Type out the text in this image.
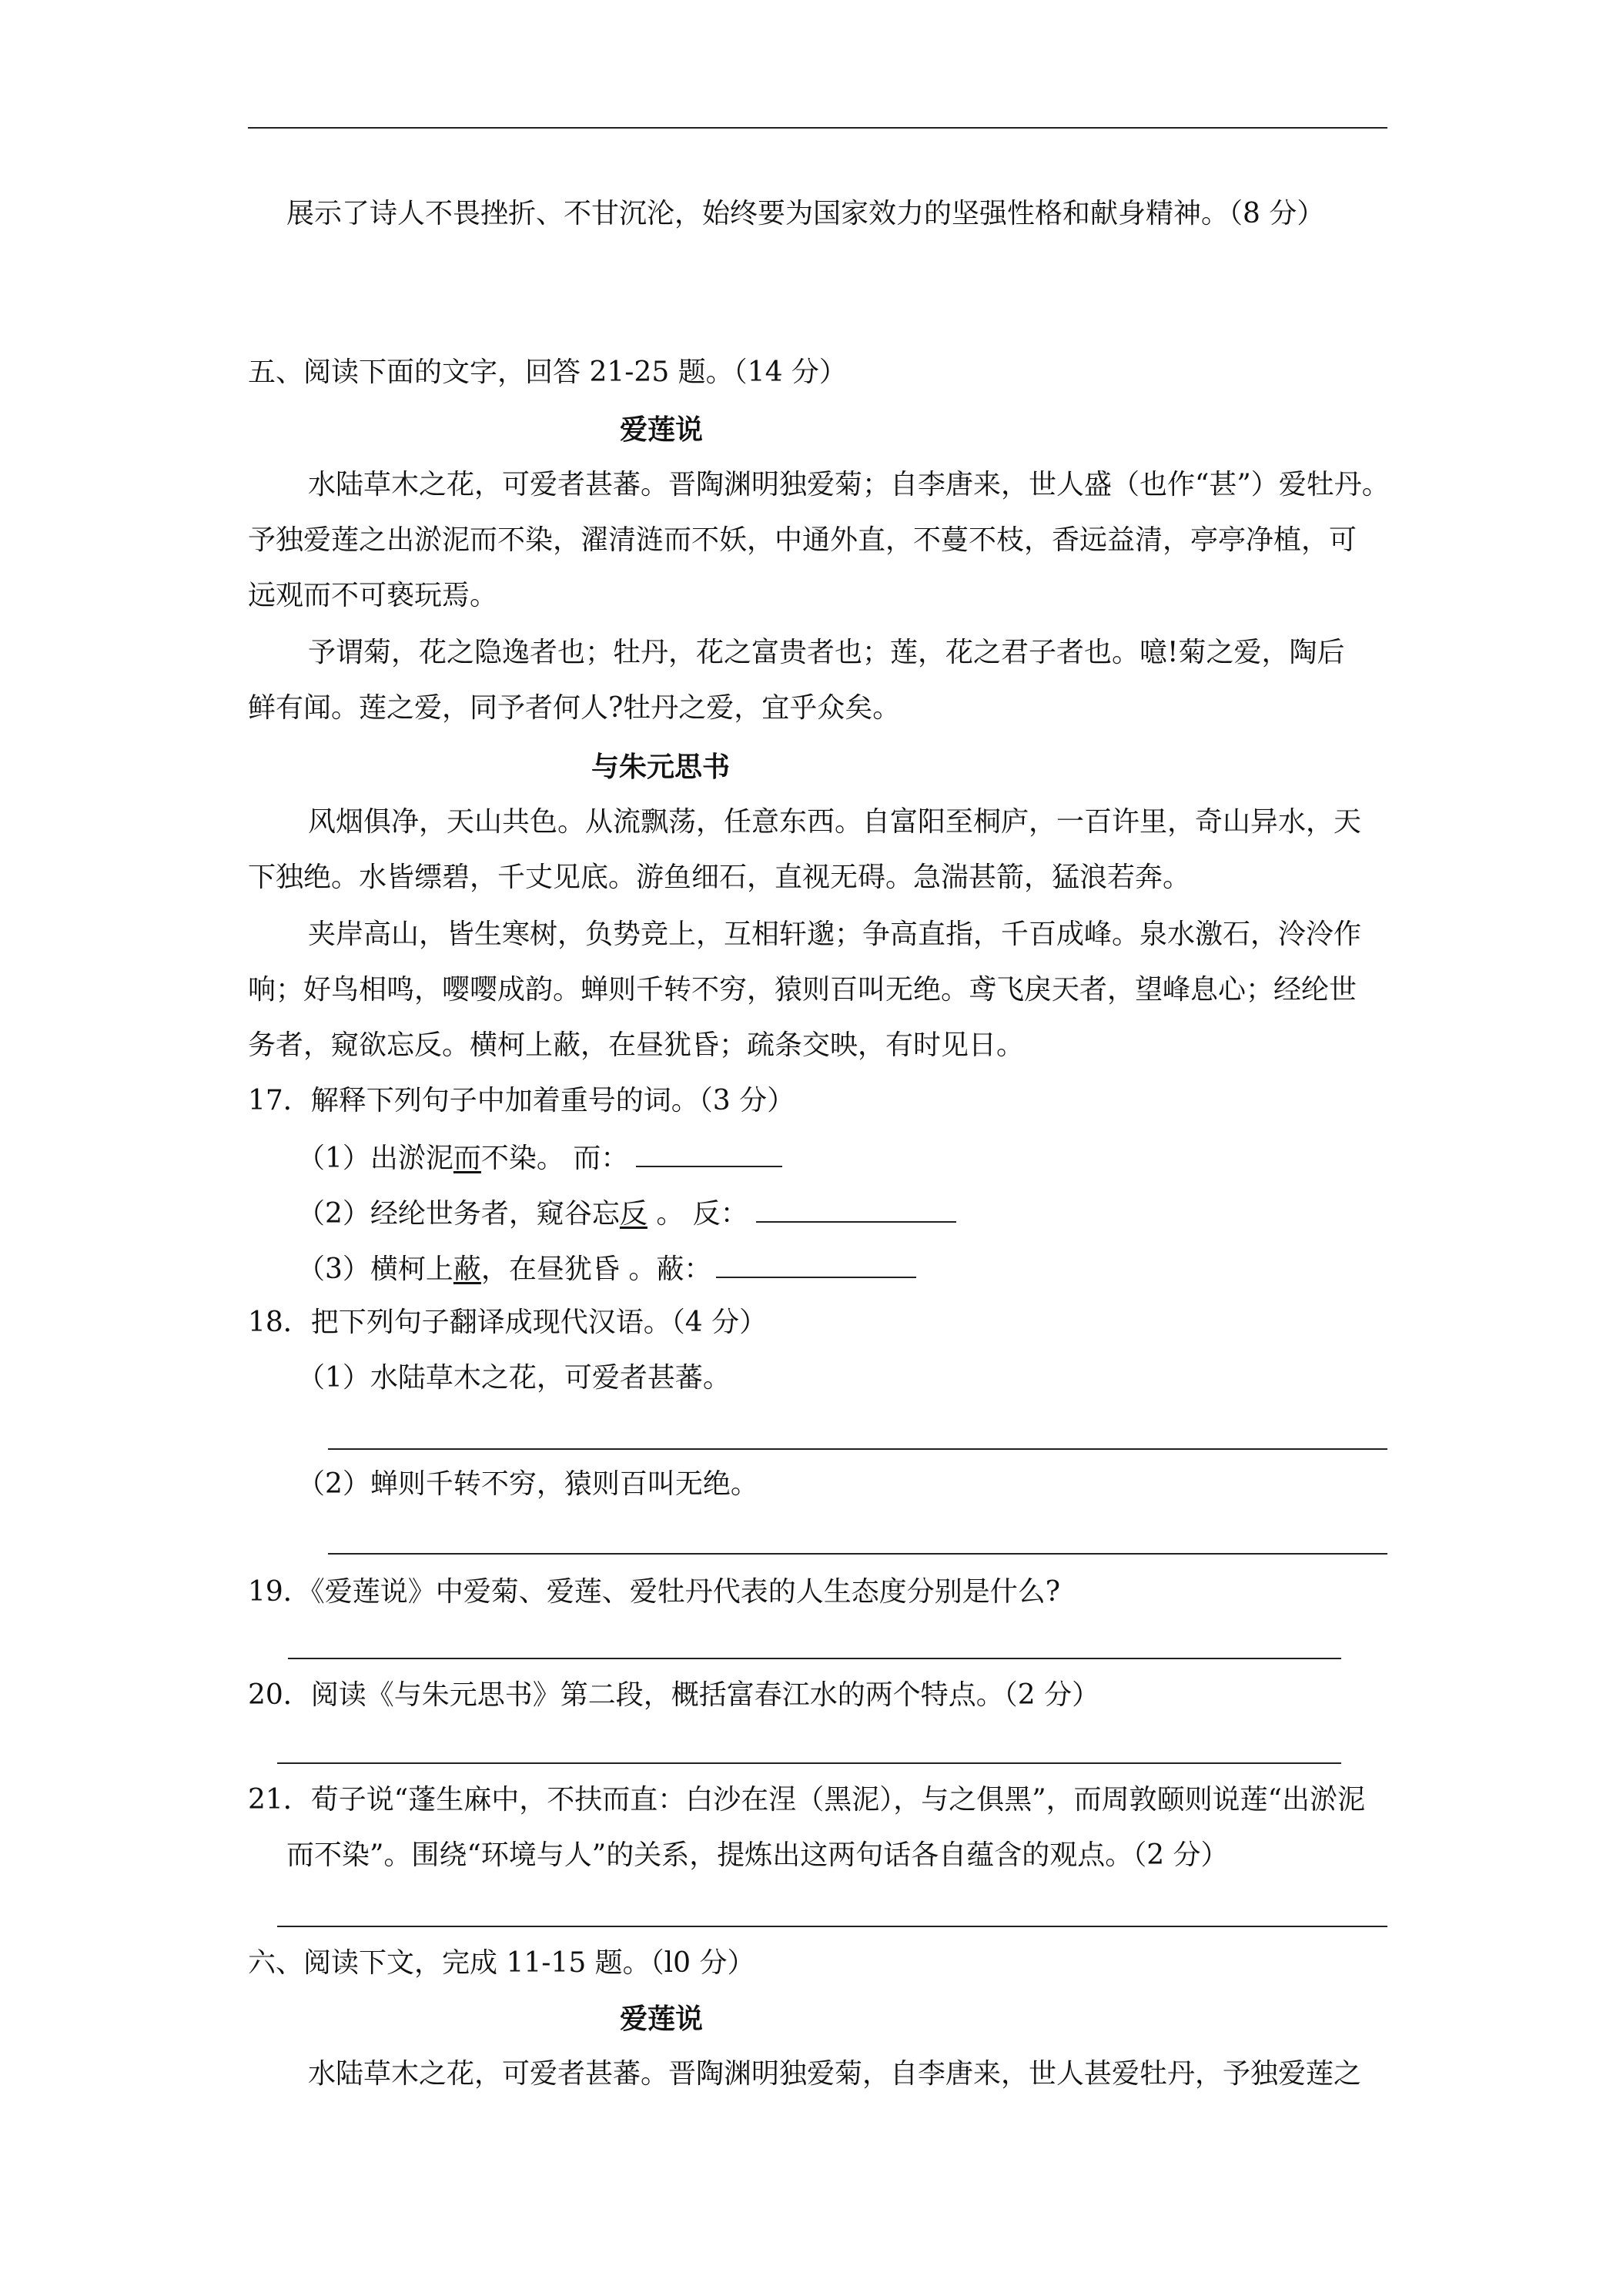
展示了诗人不畏挫折、不甘沉沦，始终要为国家效力的坚强性格和献身精神。（8 分）
五、阅读下面的文字，回答 21-25 题。（14 分）
爱莲说
水陆草木之花，可爱者甚蕃。晋陶渊明独爱菊；自李唐来，世人盛（也作“甚”）爱牡丹。
予独爱莲之出淤泥而不染，濯清涟而不妖，中通外直，不蔓不枝，香远益清，亭亭净植，可
远观而不可亵玩焉。
予谓菊，花之隐逸者也；牡丹，花之富贵者也；莲，花之君子者也。噫!菊之爱，陶后
鲜有闻。莲之爱，同予者何人?牡丹之爱，宜乎众矣。
与朱元思书
风烟俱净，天山共色。从流飘荡，任意东西。自富阳至桐庐，一百许里，奇山异水，天
下独绝。水皆缥碧，千丈见底。游鱼细石，直视无碍。急湍甚箭，猛浪若奔。
夹岸高山，皆生寒树，负势竞上，互相轩邈；争高直指，千百成峰。泉水激石，泠泠作
响；好鸟相鸣，嘤嘤成韵。蝉则千转不穷，猿则百叫无绝。鸢飞戾天者，望峰息心；经纶世
务者，窥欲忘反。横柯上蔽，在昼犹昏；疏条交映，有时见日。
17．解释下列句子中加着重号的词。（3 分）
（1）出淤泥而不染。 而：
（2）经纶世务者，窥谷忘反 。 反：
（3）横柯上蔽，在昼犹昏 。蔽：
18．把下列句子翻译成现代汉语。（4 分）
（1）水陆草木之花，可爱者甚蕃。
（2）蝉则千转不穷，猿则百叫无绝。
19．《爱莲说》中爱菊、爱莲、爱牡丹代表的人生态度分别是什么?
20．阅读《与朱元思书》第二段，概括富春江水的两个特点。（2 分）
21．荀子说“蓬生麻中，不扶而直：白沙在涅（黑泥），与之俱黑”，而周敦颐则说莲“出淤泥
而不染”。围绕“环境与人”的关系，提炼出这两句话各自蕴含的观点。（2 分）
六、阅读下文，完成 11-15 题。（l0 分）
爱莲说
水陆草木之花，可爱者甚蕃。晋陶渊明独爱菊，自李唐来，世人甚爱牡丹，予独爱莲之
